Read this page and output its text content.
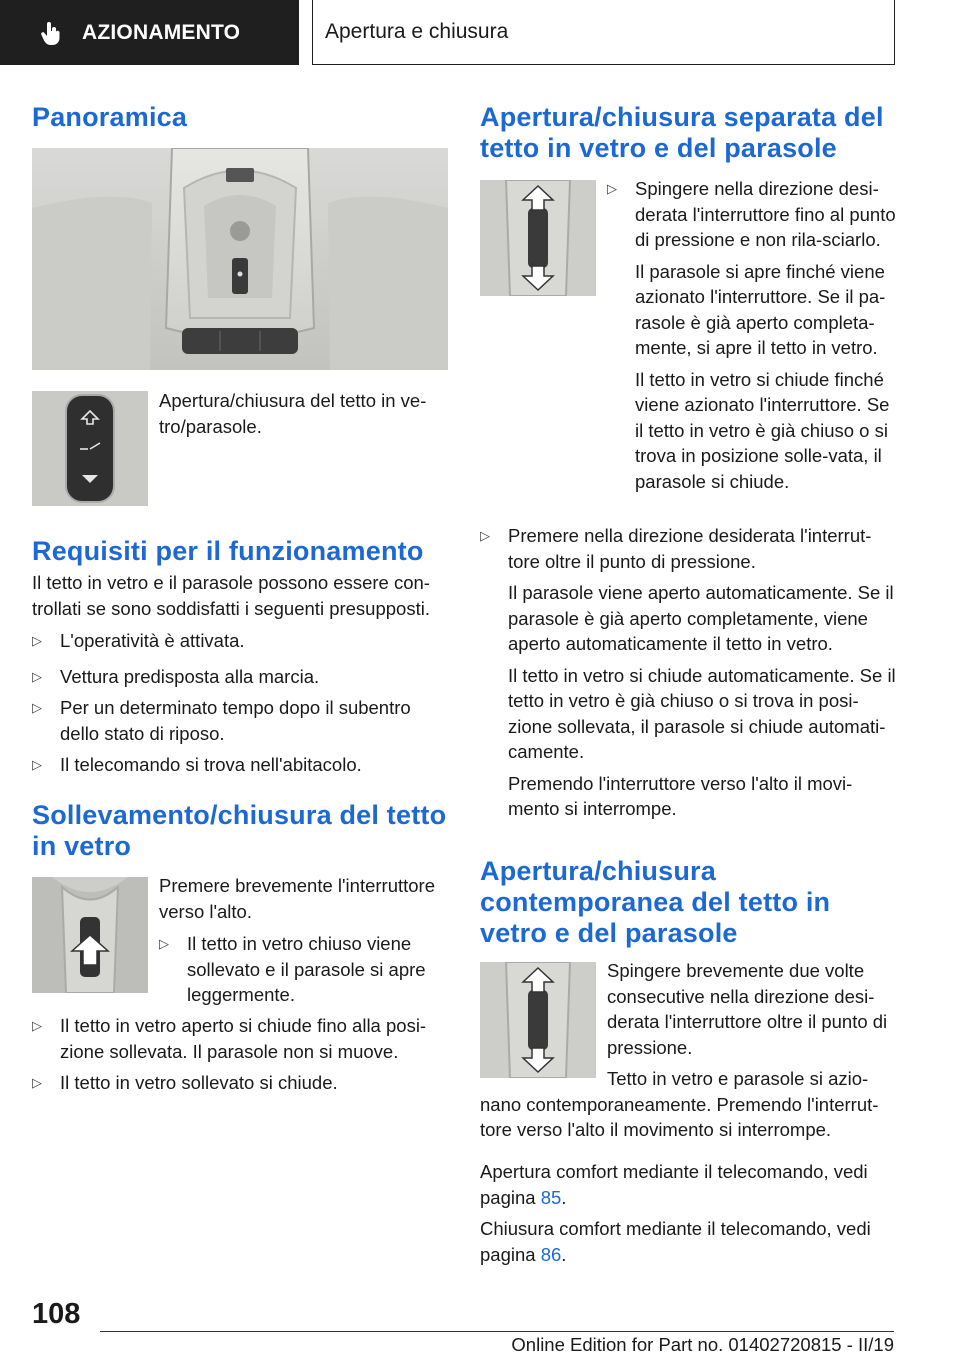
AZIONAMENTO	Apertura e chiusura
Panoramica

Apertura/chiusura del tetto in ve-tro/parasole.

Requisiti per il funzionamento

Il tetto in vetro e il parasole possono essere con-trollati se sono soddisfatti i seguenti presupposti.

▷ L'operatività è attivata.

▷ Vettura predisposta alla marcia.

▷ Per un determinato tempo dopo il subentro dello stato di riposo.

▷ Il telecomando si trova nell'abitacolo.

Sollevamento/chiusura del tetto in vetro

Premere brevemente l'interruttore verso l'alto.

▷ Il tetto in vetro chiuso viene sollevato e il parasole si apre leggermente.

▷ Il tetto in vetro aperto si chiude fino alla posi-zione sollevata. Il parasole non si muove.

▷ Il tetto in vetro sollevato si chiude.

Apertura/chiusura separata del tetto in vetro e del parasole
▷ Spingere nella direzione desi-derata l'interruttore fino al punto di pressione e non rila-sciarlo.

Il parasole si apre finché viene azionato l'interruttore. Se il pa-rasole è già aperto completa-mente, si apre il tetto in vetro.

Il tetto in vetro si chiude finché viene azionato l'interruttore. Se il tetto in vetro è già chiuso o si trova in posizione solle-vata, il parasole si chiude.

▷ Premere nella direzione desiderata l'interrut-tore oltre il punto di pressione.

Il parasole viene aperto automaticamente. Se il parasole è già aperto completamente, viene aperto automaticamente il tetto in vetro.

Il tetto in vetro si chiude automaticamente. Se il tetto in vetro è già chiuso o si trova in posi-zione sollevata, il parasole si chiude automati-camente.

Premendo l'interruttore verso l'alto il movi-mento si interrompe.

Apertura/chiusura contemporanea del tetto in vetro e del parasole

Spingere brevemente due volte consecutive nella direzione desi-derata l'interruttore oltre il punto di pressione.

Tetto in vetro e parasole si azio-nano contemporaneamente. Premendo l'interrut-tore verso l'alto il movimento si interrompe.

Apertura comfort mediante il telecomando, vedi pagina 85.

Chiusura comfort mediante il telecomando, vedi pagina 86.

108
Online Edition for Part no. 01402720815 - II/19
